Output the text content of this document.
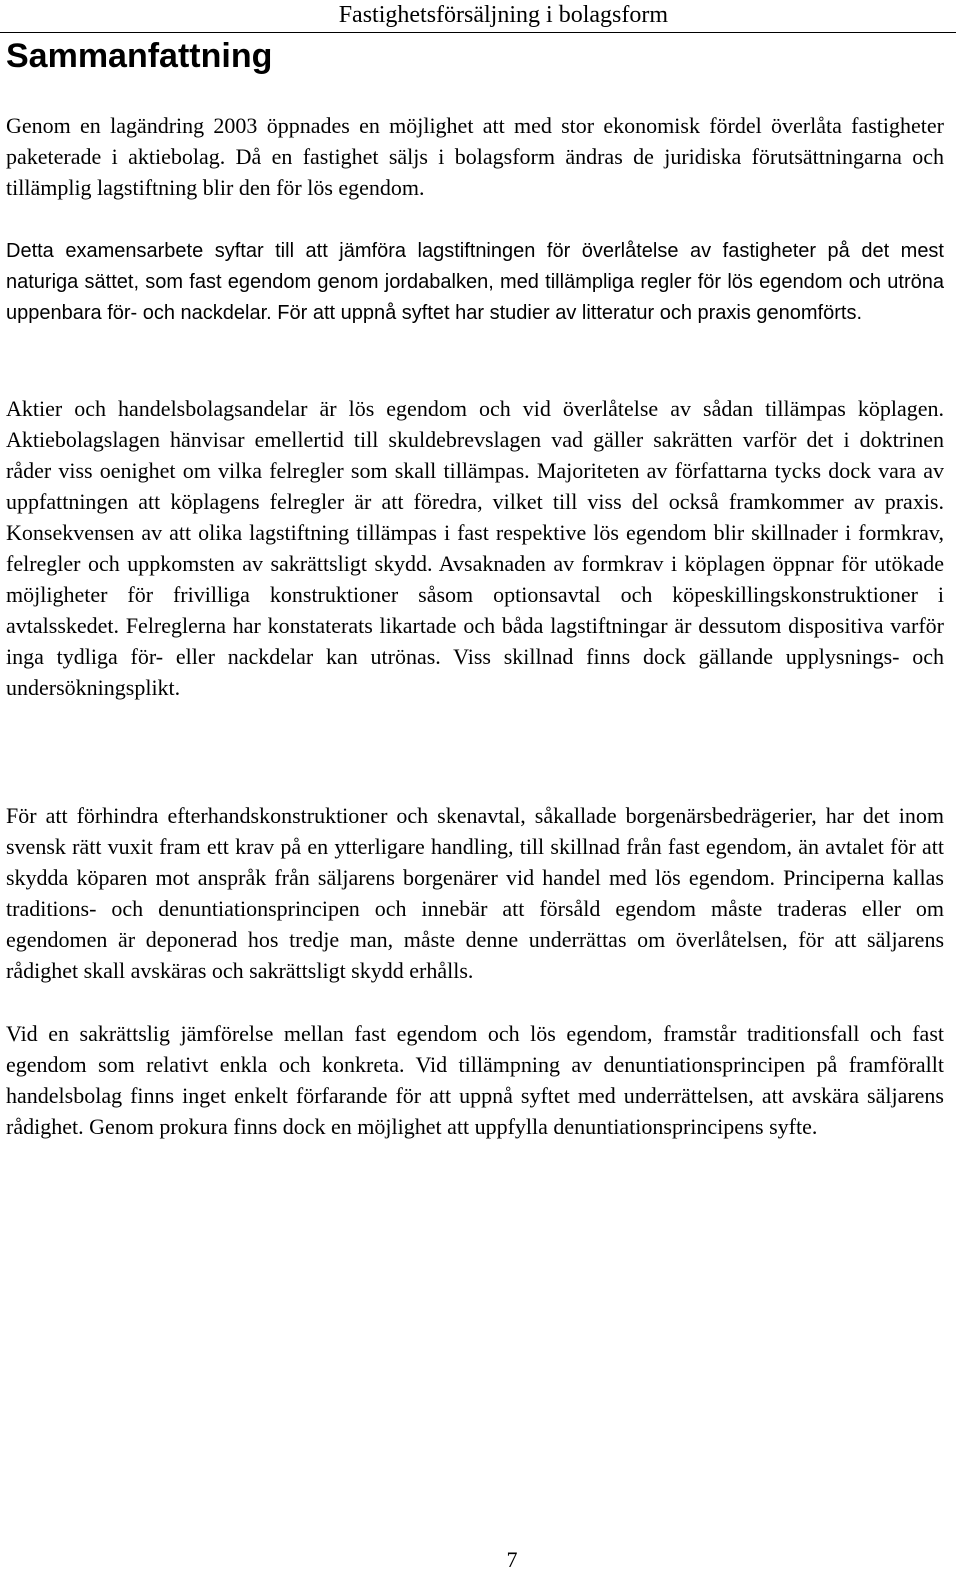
Fastighetsförsäljning i bolagsform
Sammanfattning

Genom en lagändring 2003 öppnades en möjlighet att med stor ekonomisk fördel överlåta fastigheter paketerade i aktiebolag. Då en fastighet säljs i bolagsform ändras de juridiska förutsättningarna och tillämplig lagstiftning blir den för lös egendom.

Detta examensarbete syftar till att jämföra lagstiftningen för överlåtelse av fastigheter på det mest naturiga sättet, som fast egendom genom jordabalken, med tillämpliga regler för lös egendom och utröna uppenbara för- och nackdelar. För att uppnå syftet har studier av litteratur och praxis genomförts.

Aktier och handelsbolagsandelar är lös egendom och vid överlåtelse av sådan tillämpas köplagen. Aktiebolagslagen hänvisar emellertid till skuldebrevslagen vad gäller sakrätten varför det i doktrinen råder viss oenighet om vilka felregler som skall tillämpas. Majoriteten av författarna tycks dock vara av uppfattningen att köplagens felregler är att föredra, vilket till viss del också framkommer av praxis. Konsekvensen av att olika lagstiftning tillämpas i fast respektive lös egendom blir skillnader i formkrav, felregler och uppkomsten av sakrättsligt skydd. Avsaknaden av formkrav i köplagen öppnar för utökade möjligheter för frivilliga konstruktioner såsom optionsavtal och köpeskillingskonstruktioner i avtalsskedet. Felreglerna har konstaterats likartade och båda lagstiftningar är dessutom dispositiva varför inga tydliga för- eller nackdelar kan utrönas. Viss skillnad finns dock gällande upplysnings- och undersökningsplikt.

För att förhindra efterhandskonstruktioner och skenavtal, såkallade borgenärsbedrägerier, har det inom svensk rätt vuxit fram ett krav på en ytterligare handling, till skillnad från fast egendom, än avtalet för att skydda köparen mot anspråk från säljarens borgenärer vid handel med lös egendom. Principerna kallas traditions- och denuntiationsprincipen och innebär att försåld egendom måste traderas eller om egendomen är deponerad hos tredje man, måste denne underrättas om överlåtelsen, för att säljarens rådighet skall avskäras och sakrättsligt skydd erhålls.

Vid en sakrättslig jämförelse mellan fast egendom och lös egendom, framstår traditionsfall och fast egendom som relativt enkla och konkreta. Vid tillämpning av denuntiationsprincipen på framförallt handelsbolag finns inget enkelt förfarande för att uppnå syftet med underrättelsen, att avskära säljarens rådighet. Genom prokura finns dock en möjlighet att uppfylla denuntiationsprincipens syfte.

7
